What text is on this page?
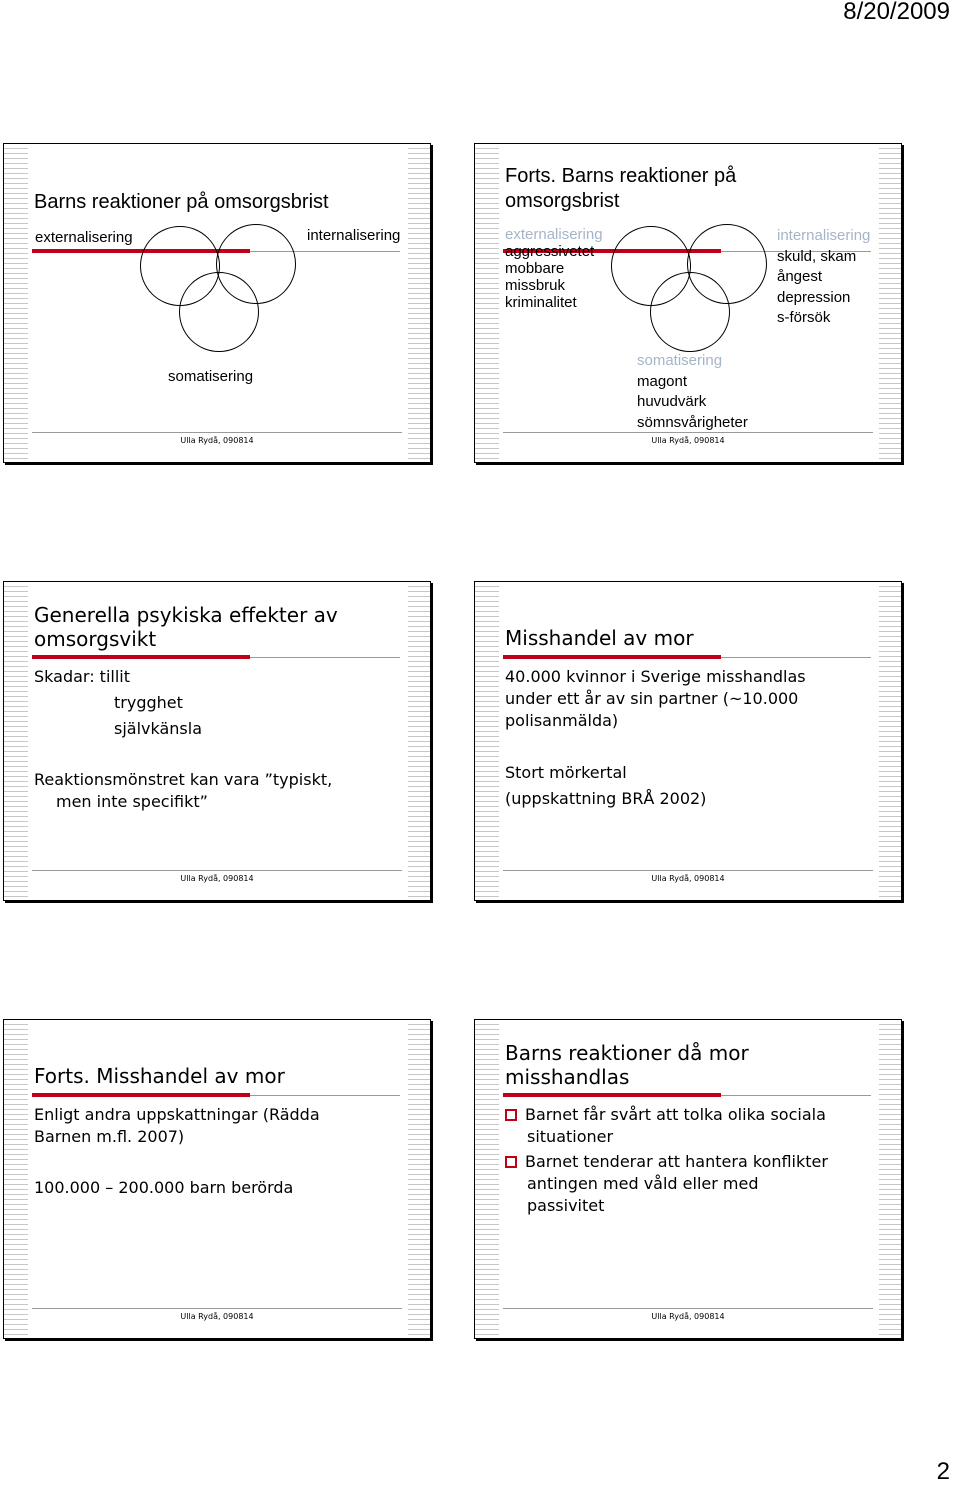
8/20/2009
Barns reaktioner på omsorgsbrist
externalisering	internalisering
somatisering
Ulla Rydå, 090814
Forts. Barns reaktioner på
omsorgsbrist
externalisering
aggressivetet
mobbare
missbruk
kriminalitet
internalisering
skuld, skam
ångest
depression
s-försök
somatisering
magont
huvudvärk
sömnsvårigheter
Ulla Rydå, 090814
Generella psykiska effekter av
omsorgsvikt
Skadar: tillit
trygghet
självkänsla
Reaktionsmönstret kan vara ”typiskt,
men inte specifikt”
Ulla Rydå, 090814
Misshandel av mor
40.000 kvinnor i Sverige misshandlas
under ett år av sin partner (~10.000
polisanmälda)
Stort mörkertal
(uppskattning BRÅ 2002)
Ulla Rydå, 090814
Forts. Misshandel av mor
Enligt andra uppskattningar (Rädda
Barnen m.fl. 2007)
100.000 – 200.000 barn berörda
Ulla Rydå, 090814
Barns reaktioner då mor
misshandlas
Barnet får svårt att tolka olika sociala
situationer
Barnet tenderar att hantera konflikter
antingen med våld eller med
passivitet
Ulla Rydå, 090814
2
